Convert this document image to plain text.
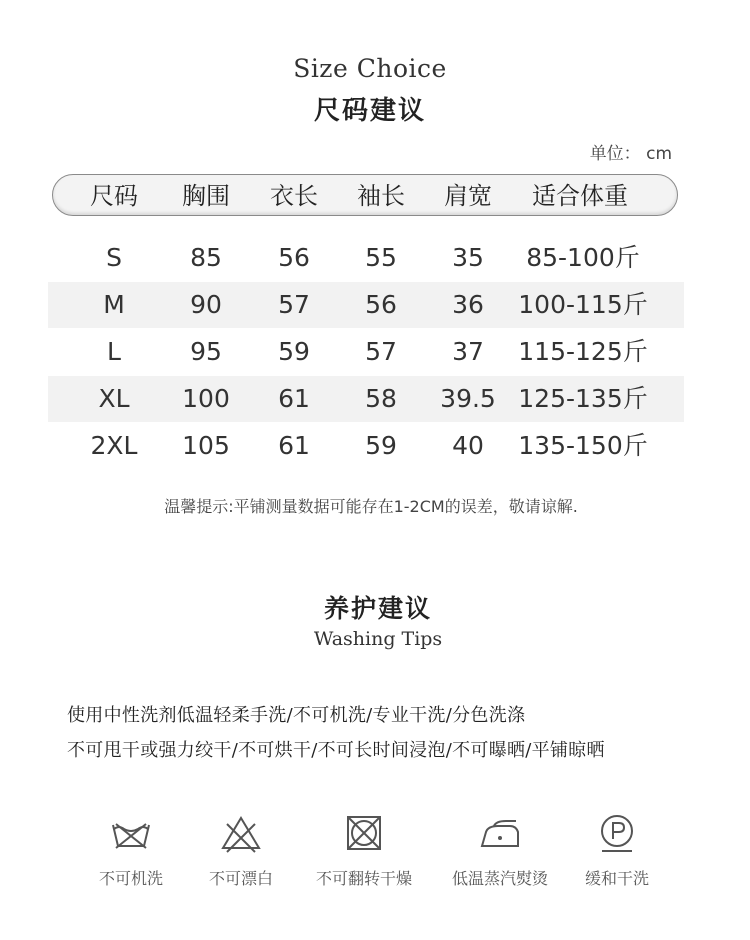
Size Choice
尺码建议
单位： cm
尺码 胸围 衣长 袖长 肩宽 适合体重
S	85 56 55 35 85-100斤
M	90 57 56 36 100-115斤
L	95 59 57 37 115-125斤
XL 100 61 58 39.5 125-135斤
2XL 105 61 59 40 135-150斤
温馨提示:平铺测量数据可能存在1-2CM的误差，敬请谅解.
养护建议
Washing Tips
使用中性洗剂低温轻柔手洗/不可机洗/专业干洗/分色洗涤
不可甩干或强力绞干/不可烘干/不可长时间浸泡/不可曝晒/平铺晾晒
不可机洗	不可漂白	不可翻转干燥 低温蒸汽熨烫 缓和干洗
